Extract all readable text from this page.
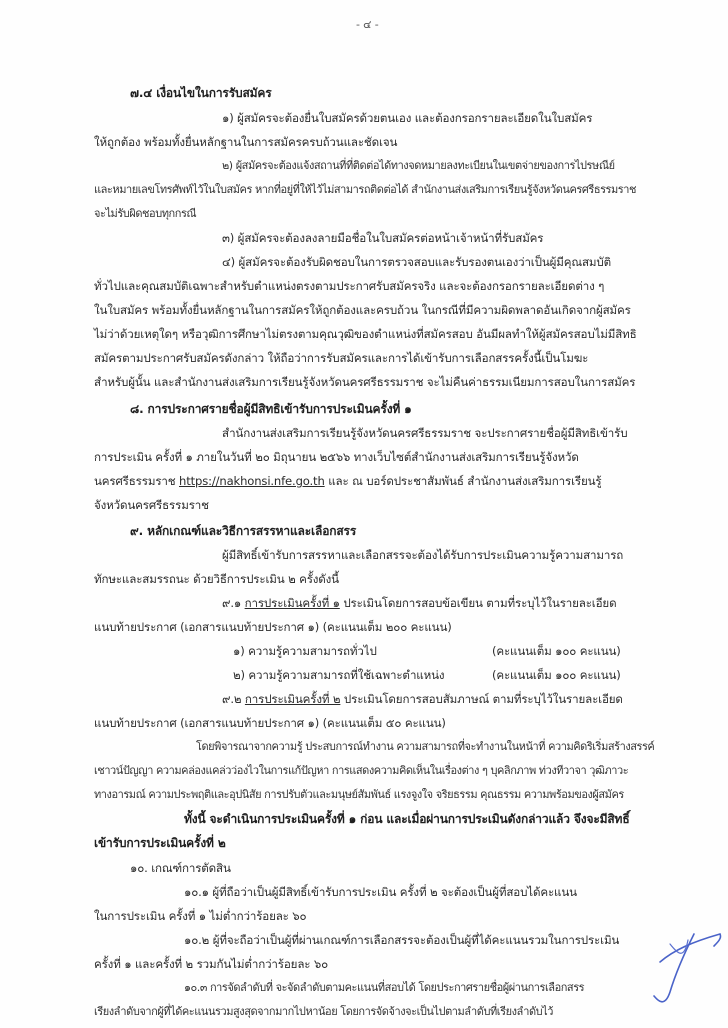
- ๔ -
๗.๔ เงื่อนไขในการรับสมัคร
๑) ผู้สมัครจะต้องยื่นใบสมัครด้วยตนเอง และต้องกรอกรายละเอียดในใบสมัคร
ให้ถูกต้อง พร้อมทั้งยื่นหลักฐานในการสมัครครบถ้วนและชัดเจน
๒) ผู้สมัครจะต้องแจ้งสถานที่ที่ติดต่อได้ทางจดหมายลงทะเบียนในเขตจ่ายของการไปรษณีย์
และหมายเลขโทรศัพท์ไว้ในใบสมัคร หากที่อยู่ที่ให้ไว้ไม่สามารถติดต่อได้ สำนักงานส่งเสริมการเรียนรู้จังหวัดนครศรีธรรมราช
จะไม่รับผิดชอบทุกกรณี
๓) ผู้สมัครจะต้องลงลายมือชื่อในใบสมัครต่อหน้าเจ้าหน้าที่รับสมัคร
๔) ผู้สมัครจะต้องรับผิดชอบในการตรวจสอบและรับรองตนเองว่าเป็นผู้มีคุณสมบัติ
ทั่วไปและคุณสมบัติเฉพาะสำหรับตำแหน่งตรงตามประกาศรับสมัครจริง และจะต้องกรอกรายละเอียดต่าง ๆ
ในใบสมัคร พร้อมทั้งยื่นหลักฐานในการสมัครให้ถูกต้องและครบถ้วน ในกรณีที่มีความผิดพลาดอันเกิดจากผู้สมัคร
ไม่ว่าด้วยเหตุใดๆ หรือวุฒิการศึกษาไม่ตรงตามคุณวุฒิของตำแหน่งที่สมัครสอบ อันมีผลทำให้ผู้สมัครสอบไม่มีสิทธิ
สมัครตามประกาศรับสมัครดังกล่าว ให้ถือว่าการรับสมัครและการได้เข้ารับการเลือกสรรครั้งนี้เป็นโมฆะ
สำหรับผู้นั้น และสำนักงานส่งเสริมการเรียนรู้จังหวัดนครศรีธรรมราช จะไม่คืนค่าธรรมเนียมการสอบในการสมัคร
๘. การประกาศรายชื่อผู้มีสิทธิเข้ารับการประเมินครั้งที่ ๑
สำนักงานส่งเสริมการเรียนรู้จังหวัดนครศรีธรรมราช จะประกาศรายชื่อผู้มีสิทธิเข้ารับ
การประเมิน ครั้งที่ ๑ ภายในวันที่ ๒๐ มิถุนายน ๒๕๖๖ ทางเว็บไซต์สำนักงานส่งเสริมการเรียนรู้จังหวัด
นครศรีธรรมราช https://nakhonsi.nfe.go.th และ ณ บอร์ดประชาสัมพันธ์ สำนักงานส่งเสริมการเรียนรู้
จังหวัดนครศรีธรรมราช
๙. หลักเกณฑ์และวิธีการสรรหาและเลือกสรร
ผู้มีสิทธิ์เข้ารับการสรรหาและเลือกสรรจะต้องได้รับการประเมินความรู้ความสามารถ
ทักษะและสมรรถนะ ด้วยวิธีการประเมิน ๒ ครั้งดังนี้
๙.๑ การประเมินครั้งที่ ๑ ประเมินโดยการสอบข้อเขียน ตามที่ระบุไว้ในรายละเอียด
แนบท้ายประกาศ (เอกสารแนบท้ายประกาศ ๑) (คะแนนเต็ม ๒๐๐ คะแนน)
๑) ความรู้ความสามารถทั่วไป	(คะแนนเต็ม ๑๐๐ คะแนน)
๒) ความรู้ความสามารถที่ใช้เฉพาะตำแหน่ง	(คะแนนเต็ม ๑๐๐ คะแนน)
๙.๒ การประเมินครั้งที่ ๒ ประเมินโดยการสอบสัมภาษณ์ ตามที่ระบุไว้ในรายละเอียด
แนบท้ายประกาศ (เอกสารแนบท้ายประกาศ ๑) (คะแนนเต็ม ๕๐ คะแนน)
โดยพิจารณาจากความรู้ ประสบการณ์ทำงาน ความสามารถที่จะทำงานในหน้าที่ ความคิดริเริ่มสร้างสรรค์
เชาวน์ปัญญา ความคล่องแคล่วว่องไวในการแก้ปัญหา การแสดงความคิดเห็นในเรื่องต่าง ๆ บุคลิกภาพ ท่วงทีวาจา วุฒิภาวะ
ทางอารมณ์ ความประพฤติและอุปนิสัย การปรับตัวและมนุษย์สัมพันธ์ แรงจูงใจ จริยธรรม คุณธรรม ความพร้อมของผู้สมัคร
ทั้งนี้ จะดำเนินการประเมินครั้งที่ ๑ ก่อน และเมื่อผ่านการประเมินดังกล่าวแล้ว จึงจะมีสิทธิ์
เข้ารับการประเมินครั้งที่ ๒
๑๐. เกณฑ์การตัดสิน
๑๐.๑ ผู้ที่ถือว่าเป็นผู้มีสิทธิ์เข้ารับการประเมิน ครั้งที่ ๒ จะต้องเป็นผู้ที่สอบได้คะแนน
ในการประเมิน ครั้งที่ ๑ ไม่ต่ำกว่าร้อยละ ๖๐
๑๐.๒ ผู้ที่จะถือว่าเป็นผู้ที่ผ่านเกณฑ์การเลือกสรรจะต้องเป็นผู้ที่ได้คะแนนรวมในการประเมิน
ครั้งที่ ๑ และครั้งที่ ๒ รวมกันไม่ต่ำกว่าร้อยละ ๖๐
๑๐.๓ การจัดลำดับที่ จะจัดลำดับตามคะแนนที่สอบได้ โดยประกาศรายชื่อผู้ผ่านการเลือกสรร
เรียงลำดับจากผู้ที่ได้คะแนนรวมสูงสุดจากมากไปหาน้อย โดยการจัดจ้างจะเป็นไปตามลำดับที่เรียงลำดับไว้
